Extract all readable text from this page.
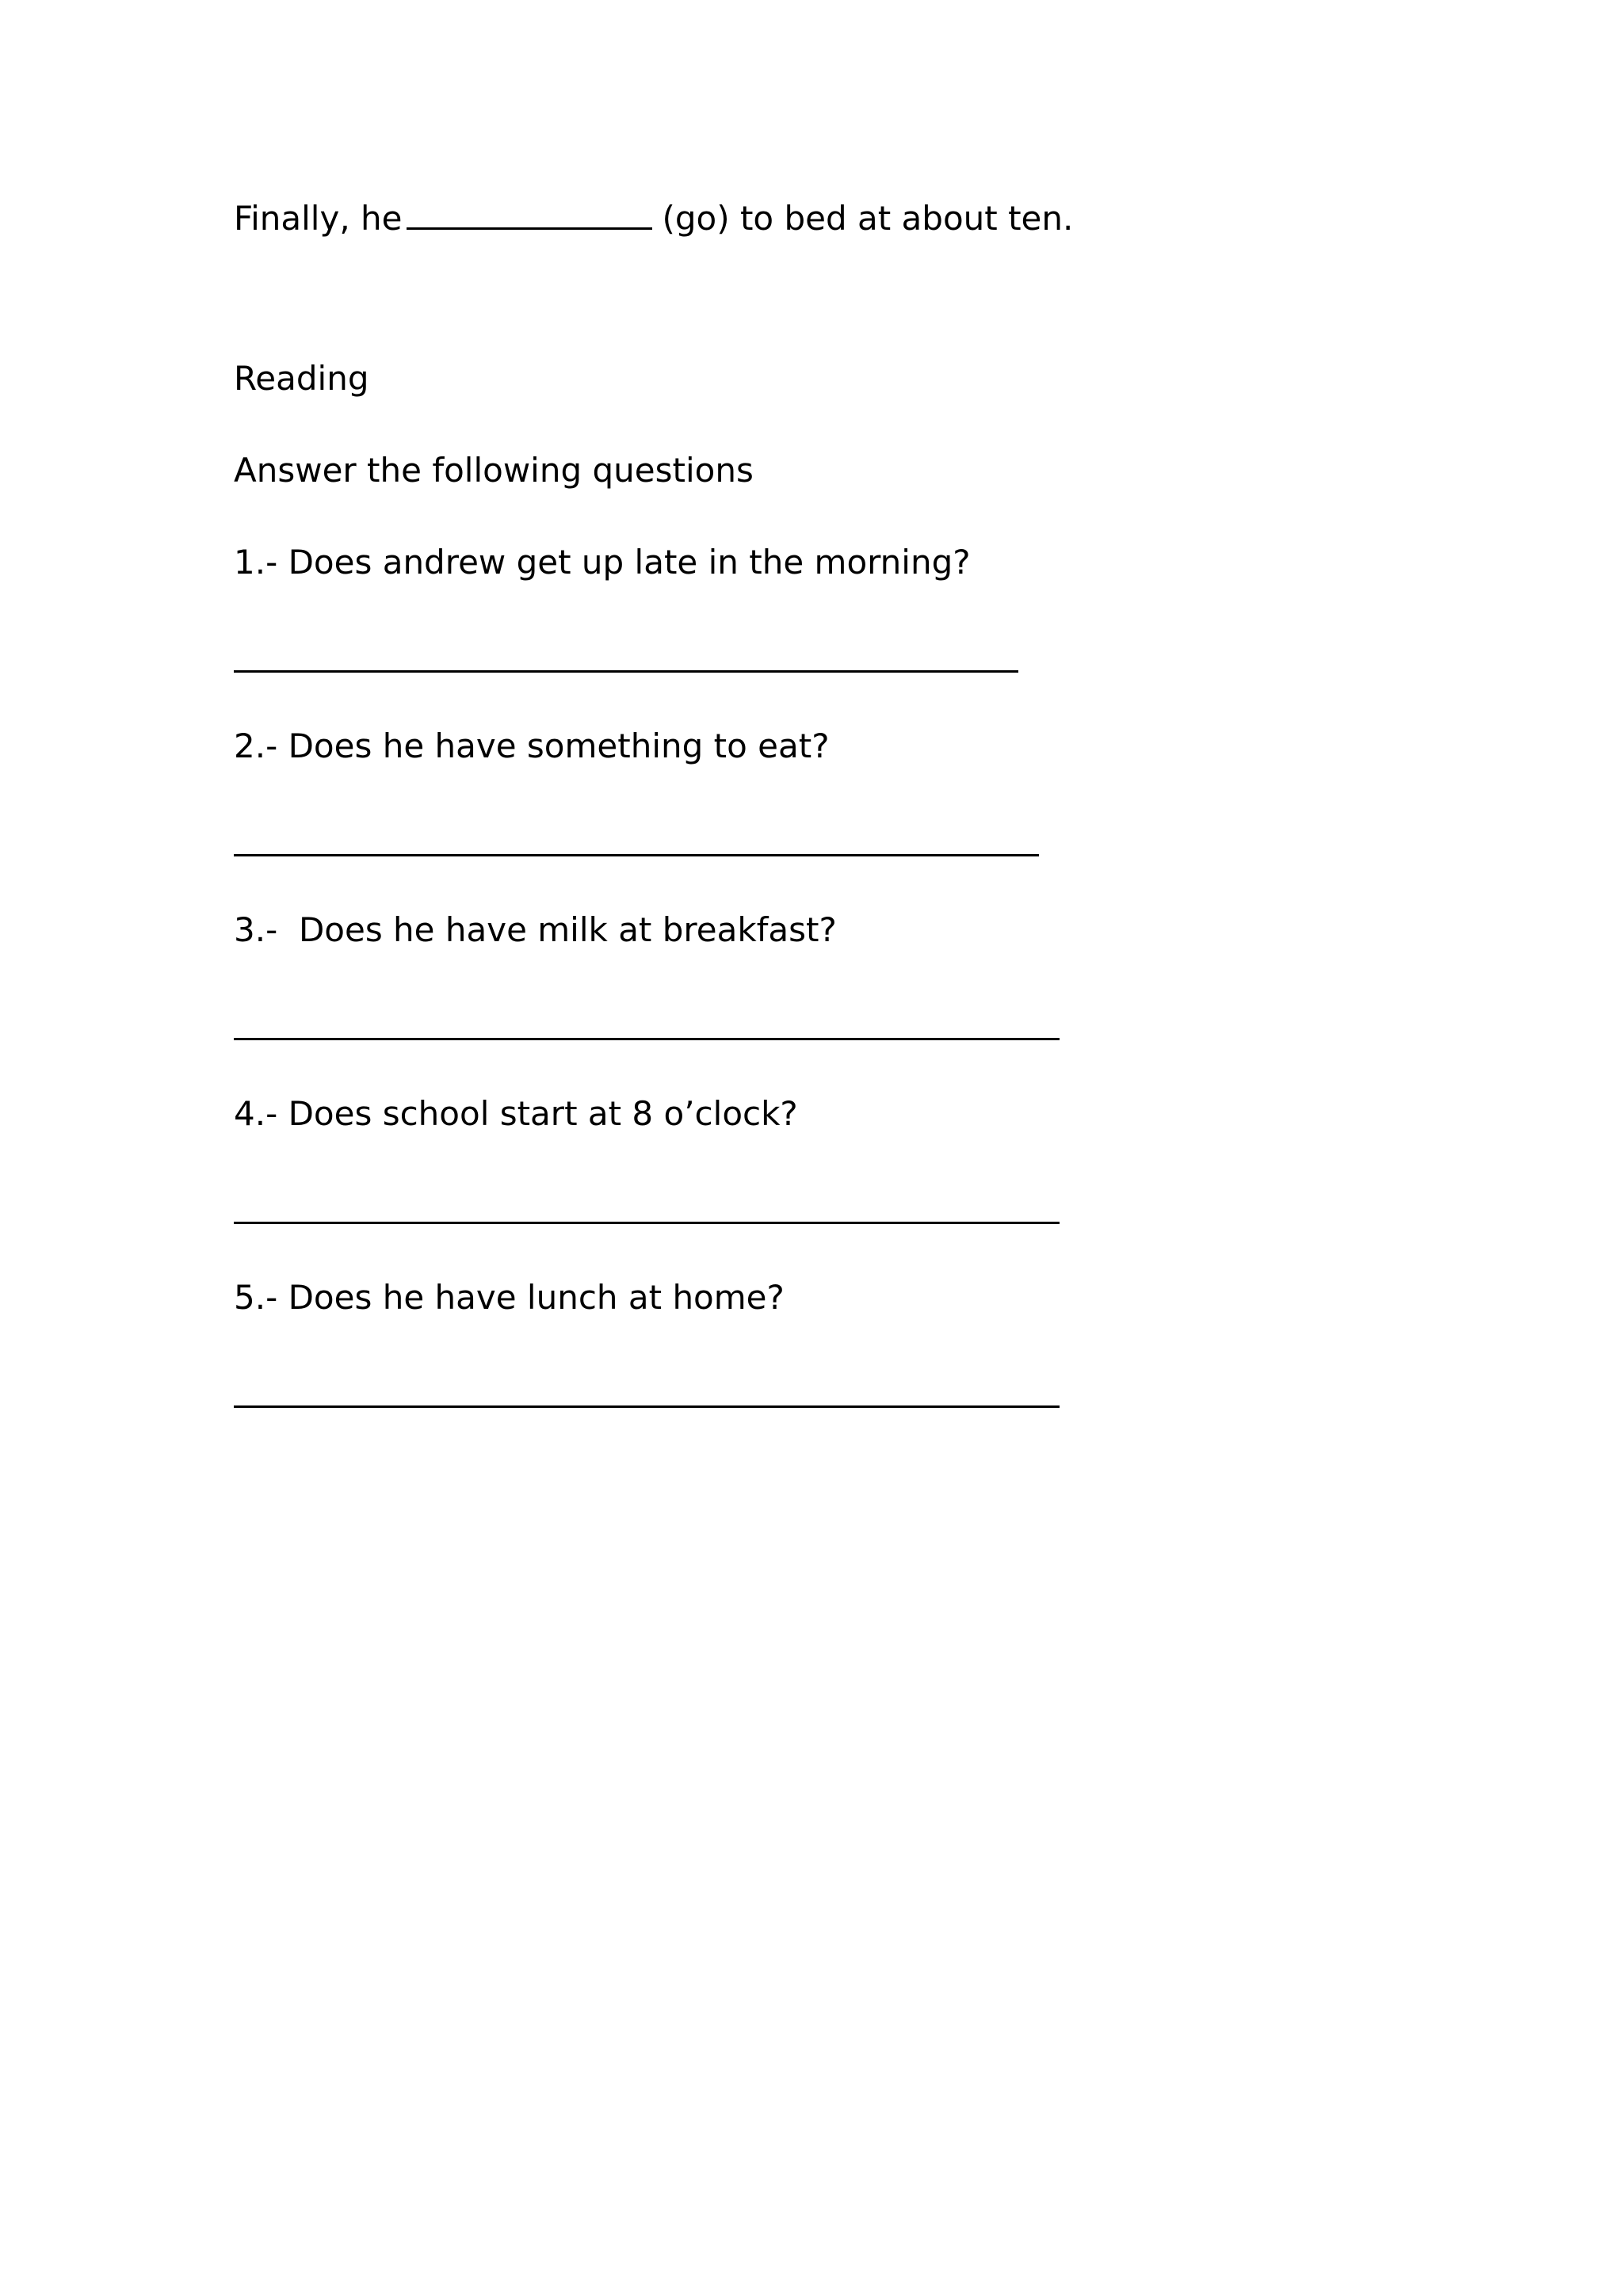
Finally, he	(go) to bed at about ten.
Reading
Answer the following questions
1.- Does andrew get up late in the morning?
2.- Does he have something to eat?
3.-  Does he have milk at breakfast?
4.- Does school start at 8 o’clock?
5.- Does he have lunch at home?
